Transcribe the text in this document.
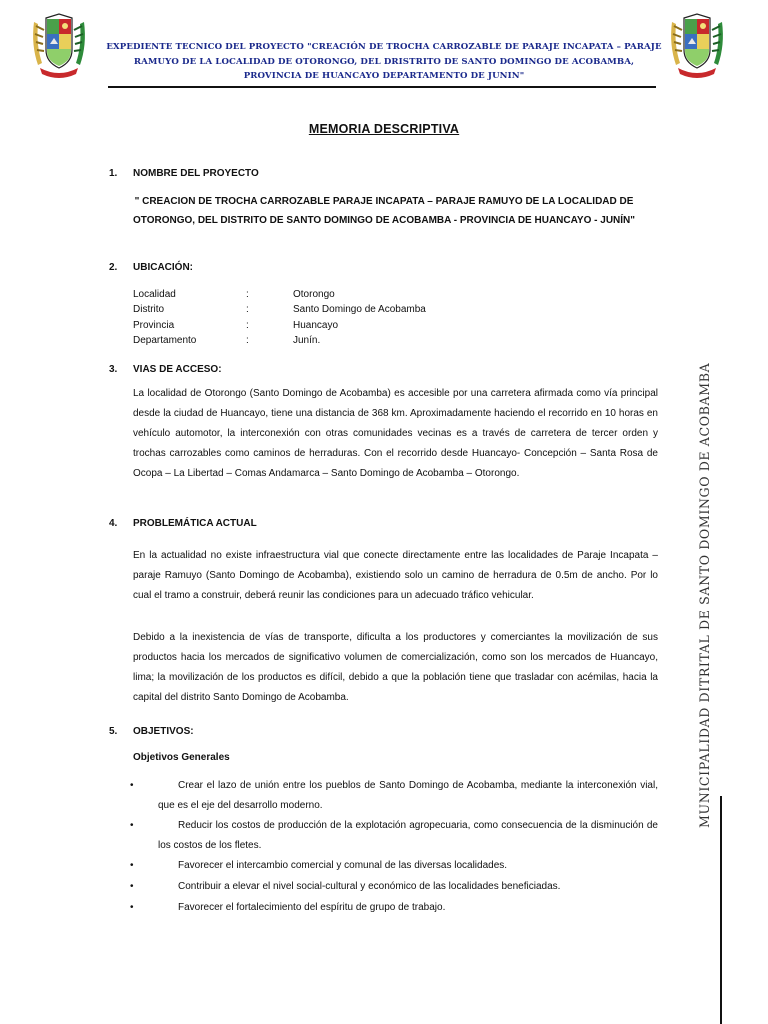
EXPEDIENTE TECNICO DEL PROYECTO "CREACIÓN DE TROCHA CARROZABLE DE PARAJE INCAPATA – PARAJE RAMUYO DE LA LOCALIDAD DE OTORONGO, DEL DRISTRITO DE SANTO DOMINGO DE ACOBAMBA, PROVINCIA DE HUANCAYO DEPARTAMENTO DE JUNIN"
MEMORIA DESCRIPTIVA
1. NOMBRE DEL PROYECTO
" CREACION DE TROCHA CARROZABLE PARAJE INCAPATA – PARAJE RAMUYO DE LA LOCALIDAD DE OTORONGO, DEL DISTRITO DE SANTO DOMINGO DE ACOBAMBA - PROVINCIA DE HUANCAYO - JUNÍN"
2. UBICACIÓN:
Localidad	:	Otorongo
Distrito	:	Santo Domingo de Acobamba
Provincia	:	Huancayo
Departamento	:	Junín.
3. VIAS DE ACCESO:
La localidad de Otorongo (Santo Domingo de Acobamba) es accesible por una carretera afirmada como vía principal desde la ciudad de Huancayo, tiene una distancia de 368 km. Aproximadamente haciendo el recorrido en 10 horas en vehículo automotor, la interconexión con otras comunidades vecinas es a través de carretera de tercer orden y trochas carrozables como caminos de herraduras. Con el recorrido desde Huancayo- Concepción – Santa Rosa de Ocopa – La Libertad – Comas Andamarca – Santo Domingo de Acobamba – Otorongo.
4. PROBLEMÁTICA ACTUAL
En la actualidad no existe infraestructura vial que conecte directamente entre las localidades de Paraje Incapata – paraje Ramuyo (Santo Domingo de Acobamba), existiendo solo un camino de herradura de 0.5m de ancho. Por lo cual el tramo a construir, deberá reunir las condiciones para un adecuado tráfico vehicular.
Debido a la inexistencia de vías de transporte, dificulta a los productores y comerciantes la movilización de sus productos hacia los mercados de significativo volumen de comercialización, como son los mercados de Huancayo, lima; la movilización de los productos es difícil, debido a que la población tiene que trasladar con acémilas, hacia la capital del distrito Santo Domingo de Acobamba.
5. OBJETIVOS:
Objetivos Generales
•	Crear el lazo de unión entre los pueblos de Santo Domingo de Acobamba, mediante la interconexión vial, que es el eje del desarrollo moderno.
•	Reducir los costos de producción de la explotación agropecuaria, como consecuencia de la disminución de los costos de los fletes.
•	Favorecer el intercambio comercial y comunal de las diversas localidades.
•	Contribuir a elevar el nivel social-cultural y económico de las localidades beneficiadas.
•	Favorecer el fortalecimiento del espíritu de grupo de trabajo.
MUNICIPALIDAD DITRITAL DE SANTO DOMINGO DE ACOBAMBA
